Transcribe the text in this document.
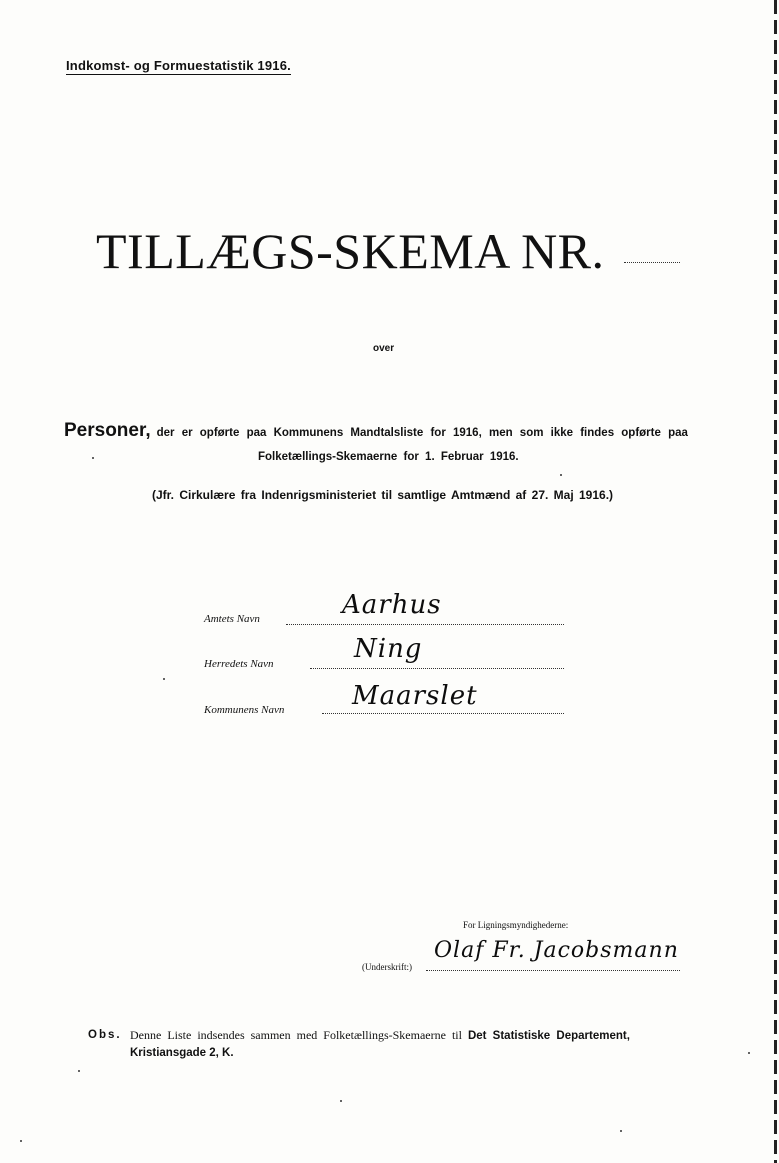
Indkomst- og Formuestatistik 1916.
TILLÆGS-SKEMA NR.
over
Personer, der er opførte paa Kommunens Mandtalsliste for 1916, men som ikke findes opførte paa
Folketællings-Skemaerne for 1. Februar 1916.
(Jfr. Cirkulære fra Indenrigsministeriet til samtlige Amtmænd af 27. Maj 1916.)
Amtets Navn	Aarhus
Herredets Navn	Ning
Kommunens Navn	Maarslet
For Ligningsmyndighederne:
(Underskrift:)
Olaf Fr. Jacobsmann
Obs. Denne Liste indsendes sammen med Folketællings-Skemaerne til Det Statistiske Departement,
Kristiansgade 2, K.
